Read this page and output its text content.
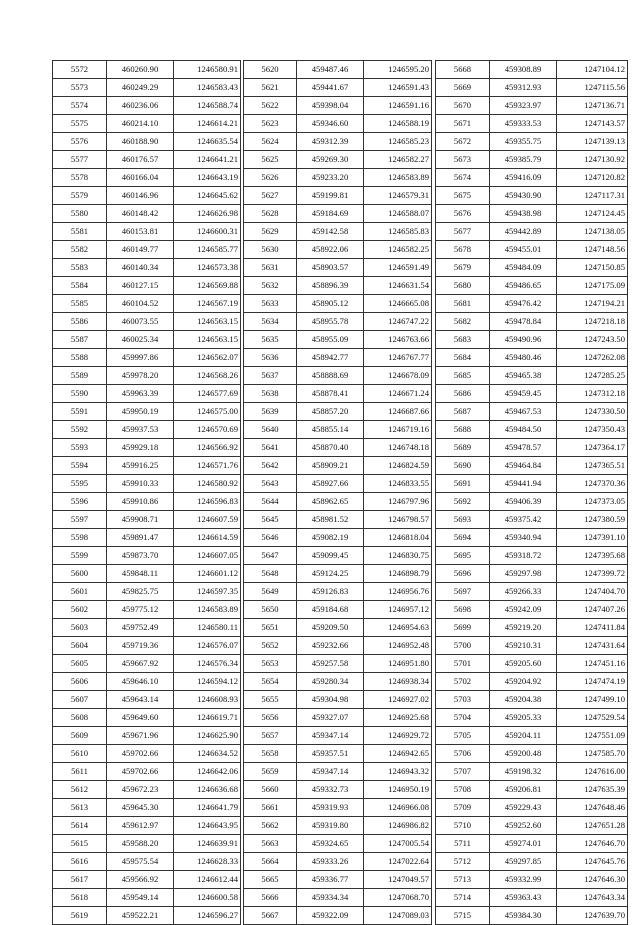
5572	460260.90	1246580.91
5573	460249.29	1246583.43
5574	460236.06	1246588.74
5575	460214.10	1246614.21
5576	460188.90	1246635.54
5577	460176.57	1246641.21
5578	460166.04	1246643.19
5579	460146.96	1246645.62
5580	460148.42	1246626.98
5581	460153.81	1246600.31
5582	460149.77	1246585.77
5583	460140.34	1246573.38
5584	460127.15	1246569.88
5585	460104.52	1246567.19
5586	460073.55	1246563.15
5587	460025.34	1246563.15
5588	459997.86	1246562.07
5589	459978.20	1246568.26
5590	459963.39	1246577.69
5591	459950.19	1246575.00
5592	459937.53	1246570.69
5593	459929.18	1246566.92
5594	459916.25	1246571.76
5595	459910.33	1246580.92
5596	459910.86	1246596.83
5597	459908.71	1246607.59
5598	459891.47	1246614.59
5599	459873.70	1246607.05
5600	459848.11	1246601.12
5601	459825.75	1246597.35
5602	459775.12	1246583.89
5603	459752.49	1246580.11
5604	459719.36	1246576.07
5605	459667.92	1246576.34
5606	459646.10	1246594.12
5607	459643.14	1246608.93
5608	459649.60	1246619.71
5609	459671.96	1246625.90
5610	459702.66	1246634.52
5611	459702.66	1246642.06
5612	459672.23	1246636.68
5613	459645.30	1246641.79
5614	459612.97	1246643.95
5615	459588.20	1246639.91
5616	459575.54	1246628.33
5617	459566.92	1246612.44
5618	459549.14	1246600.58
5619	459522.21	1246596.27
5620	459487.46	1246595.20
5621	459441.67	1246591.43
5622	459398.04	1246591.16
5623	459346.60	1246588.19
5624	459312.39	1246585.23
5625	459269.30	1246582.27
5626	459233.20	1246583.89
5627	459199.81	1246579.31
5628	459184.69	1246588.07
5629	459142.58	1246585.83
5630	458922.06	1246582.25
5631	458903.57	1246591.49
5632	458896.39	1246631.54
5633	458905.12	1246665.08
5634	458955.78	1246747.22
5635	458955.09	1246763.66
5636	458942.77	1246767.77
5637	458888.69	1246678.09
5638	458878.41	1246671.24
5639	458857.20	1246687.66
5640	458855.14	1246719.16
5641	458870.40	1246748.18
5642	458909.21	1246824.59
5643	458927.66	1246833.55
5644	458962.65	1246797.96
5645	458981.52	1246798.57
5646	459082.19	1246818.04
5647	459099.45	1246830.75
5648	459124.25	1246898.79
5649	459126.83	1246956.76
5650	459184.68	1246957.12
5651	459209.50	1246954.63
5652	459232.66	1246952.48
5653	459257.58	1246951.80
5654	459280.34	1246938.34
5655	459304.98	1246927.02
5656	459327.07	1246925.68
5657	459347.14	1246929.72
5658	459357.51	1246942.65
5659	459347.14	1246943.32
5660	459332.73	1246950.19
5661	459319.93	1246966.08
5662	459319.80	1246986.82
5663	459324.65	1247005.54
5664	459333.26	1247022.64
5665	459336.77	1247049.57
5666	459334.34	1247068.70
5667	459322.09	1247089.03
5668	459308.89	1247104.12
5669	459312.93	1247115.56
5670	459323.97	1247136.71
5671	459333.53	1247143.57
5672	459355.75	1247139.13
5673	459385.79	1247130.92
5674	459416.09	1247120.82
5675	459430.90	1247117.31
5676	459438.98	1247124.45
5677	459442.89	1247138.05
5678	459455.01	1247148.56
5679	459484.09	1247150.85
5680	459486.65	1247175.09
5681	459476.42	1247194.21
5682	459478.84	1247218.18
5683	459490.96	1247243.50
5684	459480.46	1247262.08
5685	459465.38	1247285.25
5686	459459.45	1247312.18
5687	459467.53	1247330.50
5688	459484.50	1247350.43
5689	459478.57	1247364.17
5690	459464.84	1247365.51
5691	459441.94	1247370.36
5692	459406.39	1247373.05
5693	459375.42	1247380.59
5694	459340.94	1247391.10
5695	459318.72	1247395.68
5696	459297.98	1247399.72
5697	459266.33	1247404.70
5698	459242.09	1247407.26
5699	459219.20	1247411.84
5700	459210.31	1247431.64
5701	459205.60	1247451.16
5702	459204.92	1247474.19
5703	459204.38	1247499.10
5704	459205.33	1247529.54
5705	459204.11	1247551.09
5706	459200.48	1247585.70
5707	459198.32	1247616.00
5708	459206.81	1247635.39
5709	459229.43	1247648.46
5710	459252.60	1247651.28
5711	459274.01	1247646.70
5712	459297.85	1247645.76
5713	459332.99	1247646.30
5714	459363.43	1247643.34
5715	459384.30	1247639.70
